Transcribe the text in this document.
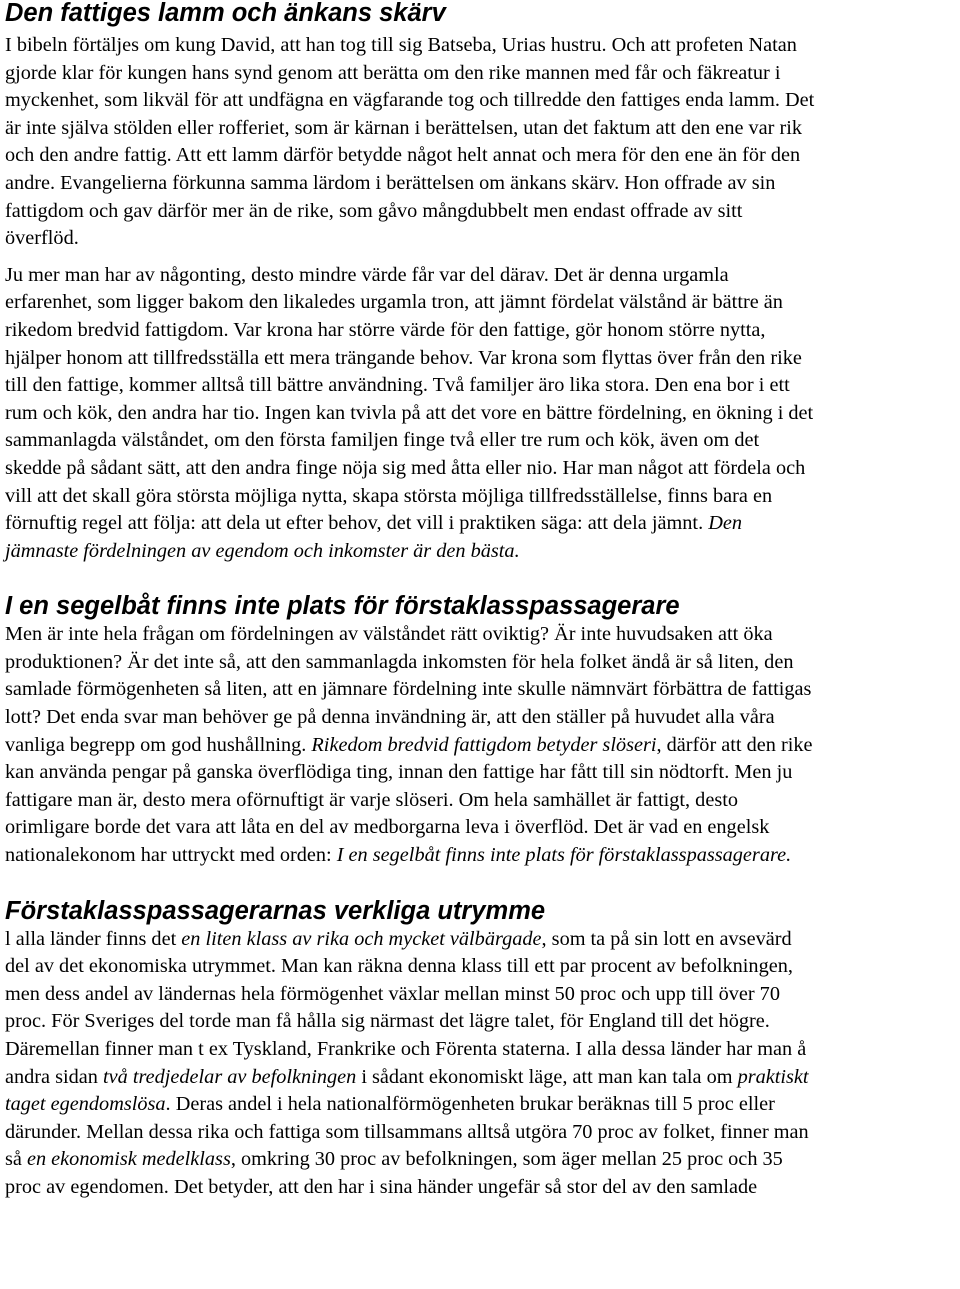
Den fattiges lamm och änkans skärv
I bibeln förtäljes om kung David, att han tog till sig Batseba, Urias hustru. Och att profeten Natan
gjorde klar för kungen hans synd genom att berätta om den rike mannen med får och fäkreatur i
myckenhet, som likväl för att undfägna en vägfarande tog och tillredde den fattiges enda lamm. Det
är inte själva stölden eller rofferiet, som är kärnan i berättelsen, utan det faktum att den ene var rik
och den andre fattig. Att ett lamm därför betydde något helt annat och mera för den ene än för den
andre. Evangelierna förkunna samma lärdom i berättelsen om änkans skärv. Hon offrade av sin
fattigdom och gav därför mer än de rike, som gåvo mångdubbelt men endast offrade av sitt
överflöd.
Ju mer man har av någonting, desto mindre värde får var del därav. Det är denna urgamla
erfarenhet, som ligger bakom den likaledes urgamla tron, att jämnt fördelat välstånd är bättre än
rikedom bredvid fattigdom. Var krona har större värde för den fattige, gör honom större nytta,
hjälper honom att tillfredsställa ett mera trängande behov. Var krona som flyttas över från den rike
till den fattige, kommer alltså till bättre användning. Två familjer äro lika stora. Den ena bor i ett
rum och kök, den andra har tio. Ingen kan tvivla på att det vore en bättre fördelning, en ökning i det
sammanlagda välståndet, om den första familjen finge två eller tre rum och kök, även om det
skedde på sådant sätt, att den andra finge nöja sig med åtta eller nio. Har man något att fördela och
vill att det skall göra största möjliga nytta, skapa största möjliga tillfredsställelse, finns bara en
förnuftig regel att följa: att dela ut efter behov, det vill i praktiken säga: att dela jämnt. Den
jämnaste fördelningen av egendom och inkomster är den bästa.
I en segelbåt finns inte plats för förstaklasspassagerare
Men är inte hela frågan om fördelningen av välståndet rätt oviktig? Är inte huvudsaken att öka
produktionen? Är det inte så, att den sammanlagda inkomsten för hela folket ändå är så liten, den
samlade förmögenheten så liten, att en jämnare fördelning inte skulle nämnvärt förbättra de fattigas
lott? Det enda svar man behöver ge på denna invändning är, att den ställer på huvudet alla våra
vanliga begrepp om god hushållning. Rikedom bredvid fattigdom betyder slöseri, därför att den rike
kan använda pengar på ganska överflödiga ting, innan den fattige har fått till sin nödtorft. Men ju
fattigare man är, desto mera oförnuftigt är varje slöseri. Om hela samhället är fattigt, desto
orimligare borde det vara att låta en del av medborgarna leva i överflöd. Det är vad en engelsk
nationalekonom har uttryckt med orden: I en segelbåt finns inte plats för förstaklasspassagerare.
Förstaklasspassagerarnas verkliga utrymme
l alla länder finns det en liten klass av rika och mycket välbärgade, som ta på sin lott en avsevärd
del av det ekonomiska utrymmet. Man kan räkna denna klass till ett par procent av befolkningen,
men dess andel av ländernas hela förmögenhet växlar mellan minst 50 proc och upp till över 70
proc. För Sveriges del torde man få hålla sig närmast det lägre talet, för England till det högre.
Däremellan finner man t ex Tyskland, Frankrike och Förenta staterna. I alla dessa länder har man å
andra sidan två tredjedelar av befolkningen i sådant ekonomiskt läge, att man kan tala om praktiskt
taget egendomslösa. Deras andel i hela nationalförmögenheten brukar beräknas till 5 proc eller
därunder. Mellan dessa rika och fattiga som tillsammans alltså utgöra 70 proc av folket, finner man
så en ekonomisk medelklass, omkring 30 proc av befolkningen, som äger mellan 25 proc och 35
proc av egendomen. Det betyder, att den har i sina händer ungefär så stor del av den samlade
